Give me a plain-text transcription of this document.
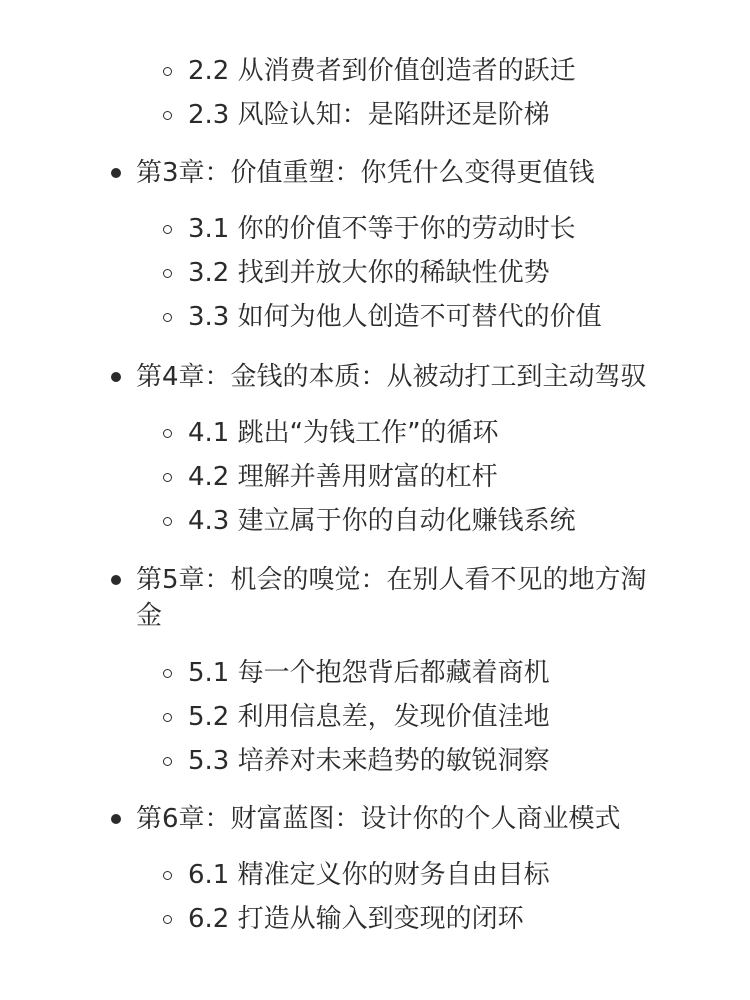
2.2 从消费者到价值创造者的跃迁
2.3 风险认知：是陷阱还是阶梯
第3章：价值重塑：你凭什么变得更值钱
3.1 你的价值不等于你的劳动时长
3.2 找到并放大你的稀缺性优势
3.3 如何为他人创造不可替代的价值
第4章：金钱的本质：从被动打工到主动驾驭
4.1 跳出“为钱工作”的循环
4.2 理解并善用财富的杠杆
4.3 建立属于你的自动化赚钱系统
第5章：机会的嗅觉：在别人看不见的地方淘
金
5.1 每一个抱怨背后都藏着商机
5.2 利用信息差，发现价值洼地
5.3 培养对未来趋势的敏锐洞察
第6章：财富蓝图：设计你的个人商业模式
6.1 精准定义你的财务自由目标
6.2 打造从输入到变现的闭环
